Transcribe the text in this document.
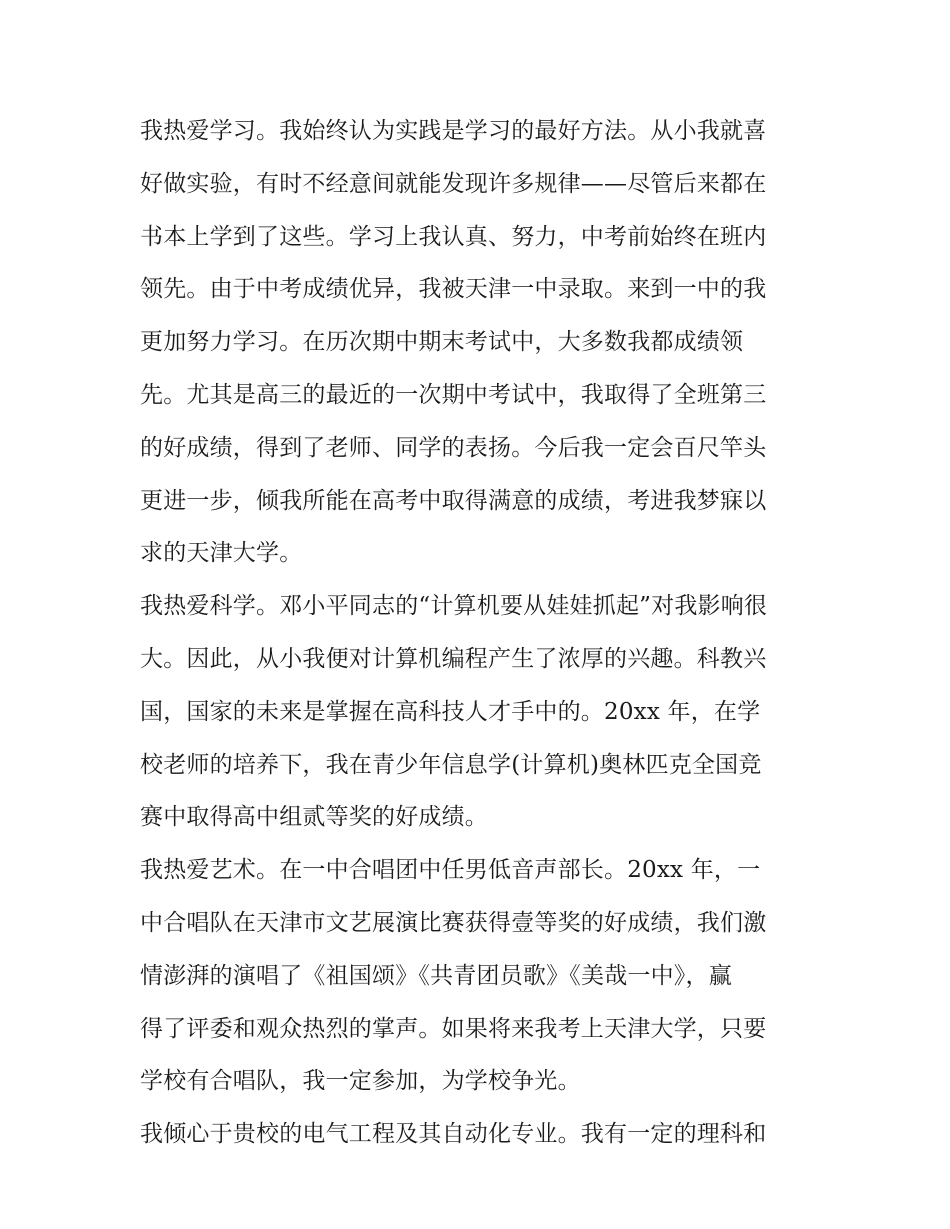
我热爱学习。我始终认为实践是学习的最好方法。从小我就喜
好做实验，有时不经意间就能发现许多规律——尽管后来都在
书本上学到了这些。学习上我认真、努力，中考前始终在班内
领先。由于中考成绩优异，我被天津一中录取。来到一中的我
更加努力学习。在历次期中期末考试中，大多数我都成绩领
先。尤其是高三的最近的一次期中考试中，我取得了全班第三
的好成绩，得到了老师、同学的表扬。今后我一定会百尺竿头
更进一步，倾我所能在高考中取得满意的成绩，考进我梦寐以
求的天津大学。
我热爱科学。邓小平同志的“计算机要从娃娃抓起”对我影响很
大。因此，从小我便对计算机编程产生了浓厚的兴趣。科教兴
国，国家的未来是掌握在高科技人才手中的。20xx 年，在学
校老师的培养下，我在青少年信息学(计算机)奥林匹克全国竞
赛中取得高中组贰等奖的好成绩。
我热爱艺术。在一中合唱团中任男低音声部长。20xx 年，一
中合唱队在天津市文艺展演比赛获得壹等奖的好成绩，我们激
情澎湃的演唱了《祖国颂》《共青团员歌》《美哉一中》，赢
得了评委和观众热烈的掌声。如果将来我考上天津大学，只要
学校有合唱队，我一定参加，为学校争光。
我倾心于贵校的电气工程及其自动化专业。我有一定的理科和
